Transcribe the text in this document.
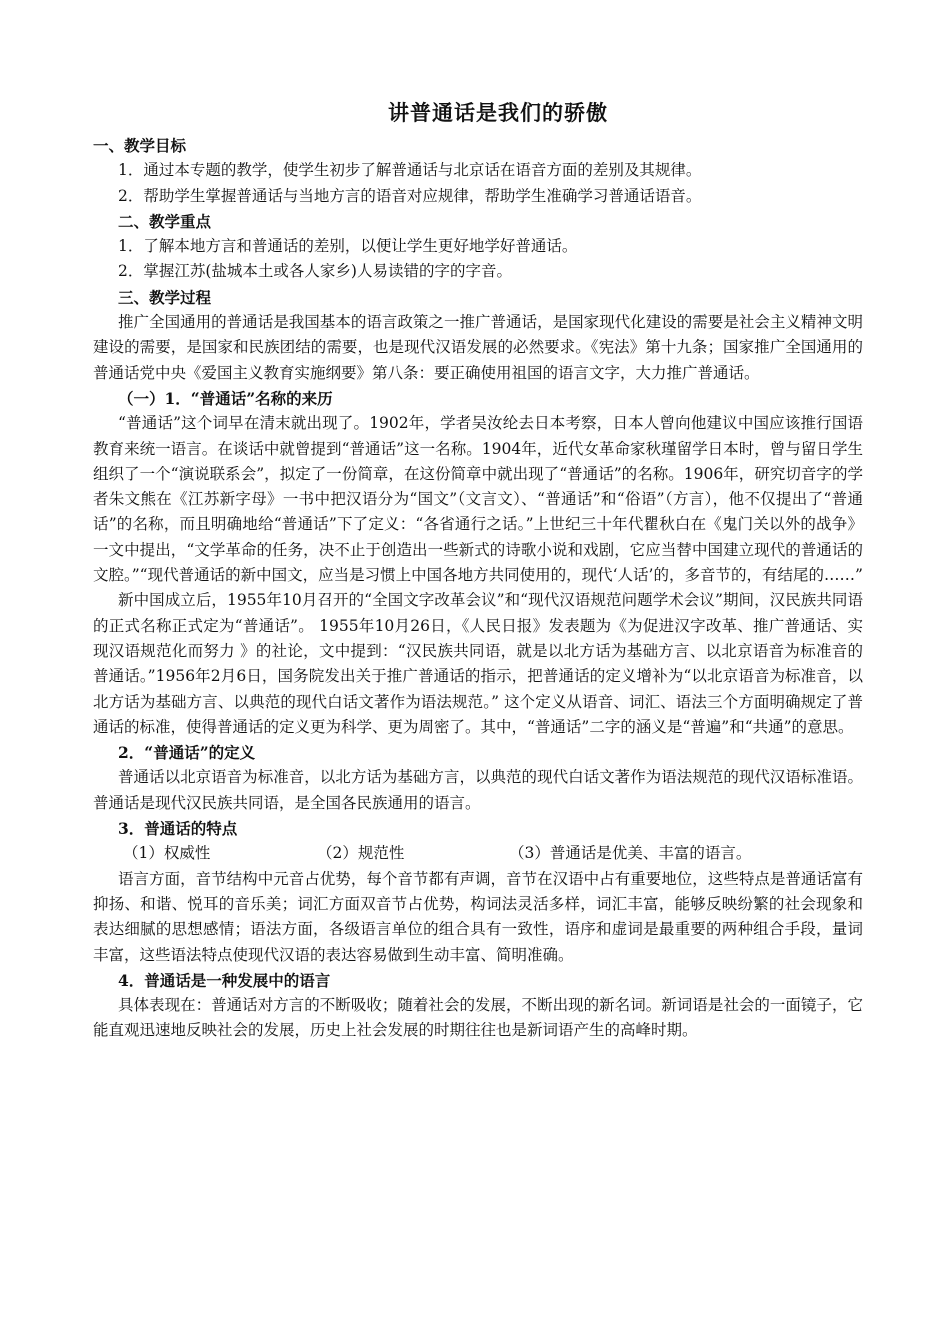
讲普通话是我们的骄傲

一、教学目标

1．通过本专题的教学，使学生初步了解普通话与北京话在语音方面的差别及其规律。

2．帮助学生掌握普通话与当地方言的语音对应规律，帮助学生准确学习普通话语音。

二、教学重点

1．了解本地方言和普通话的差别，以便让学生更好地学好普通话。

2．掌握江苏(盐城本土或各人家乡)人易读错的字的字音。

三、教学过程

推广全国通用的普通话是我国基本的语言政策之一推广普通话，是国家现代化建设的需要是社会主义精神文明建设的需要，是国家和民族团结的需要，也是现代汉语发展的必然要求。《宪法》第十九条；国家推广全国通用的普通话党中央《爱国主义教育实施纲要》第八条：要正确使用祖国的语言文字，大力推广普通话。

（一）1．“普通话”名称的来历

“普通话”这个词早在清末就出现了。1902年，学者吴汝纶去日本考察，日本人曾向他建议中国应该推行国语教育来统一语言。在谈话中就曾提到“普通话”这一名称。1904年，近代女革命家秋瑾留学日本时，曾与留日学生组织了一个“演说联系会”，拟定了一份简章，在这份简章中就出现了“普通话”的名称。1906年，研究切音字的学者朱文熊在《江苏新字母》一书中把汉语分为“国文”（文言文）、“普通话”和“俗语”（方言），他不仅提出了“普通话”的名称，而且明确地给“普通话”下了定义：“各省通行之话。”上世纪三十年代瞿秋白在《鬼门关以外的战争》一文中提出，“文学革命的任务，决不止于创造出一些新式的诗歌小说和戏剧，它应当替中国建立现代的普通话的文腔。”“现代普通话的新中国文，应当是习惯上中国各地方共同使用的，现代‘人话’的，多音节的，有结尾的……”

新中国成立后，1955年10月召开的“全国文字改革会议”和“现代汉语规范问题学术会议”期间，汉民族共同语的正式名称正式定为“普通话”。 1955年10月26日，《人民日报》发表题为《为促进汉字改革、推广普通话、实现汉语规范化而努力 》的社论，文中提到：“汉民族共同语，就是以北方话为基础方言、以北京语音为标准音的普通话。”1956年2月6日，国务院发出关于推广普通话的指示，把普通话的定义增补为“以北京语音为标准音，以北方话为基础方言、以典范的现代白话文著作为语法规范。” 这个定义从语音、词汇、语法三个方面明确规定了普通话的标准，使得普通话的定义更为科学、更为周密了。其中，“普通话”二字的涵义是“普遍”和“共通”的意思。

2．“普通话”的定义

普通话以北京语音为标准音，以北方话为基础方言，以典范的现代白话文著作为语法规范的现代汉语标准语。普通话是现代汉民族共同语，是全国各民族通用的语言。

3．普通话的特点

（1）权威性	（2）规范性	（3）普通话是优美、丰富的语言。

语言方面，音节结构中元音占优势，每个音节都有声调，音节在汉语中占有重要地位，这些特点是普通话富有抑扬、和谐、悦耳的音乐美；词汇方面双音节占优势，构词法灵活多样，词汇丰富，能够反映纷繁的社会现象和表达细腻的思想感情；语法方面，各级语言单位的组合具有一致性，语序和虚词是最重要的两种组合手段，量词丰富，这些语法特点使现代汉语的表达容易做到生动丰富、简明准确。

4．普通话是一种发展中的语言

具体表现在：普通话对方言的不断吸收；随着社会的发展，不断出现的新名词。新词语是社会的一面镜子，它能直观迅速地反映社会的发展，历史上社会发展的时期往往也是新词语产生的高峰时期。
